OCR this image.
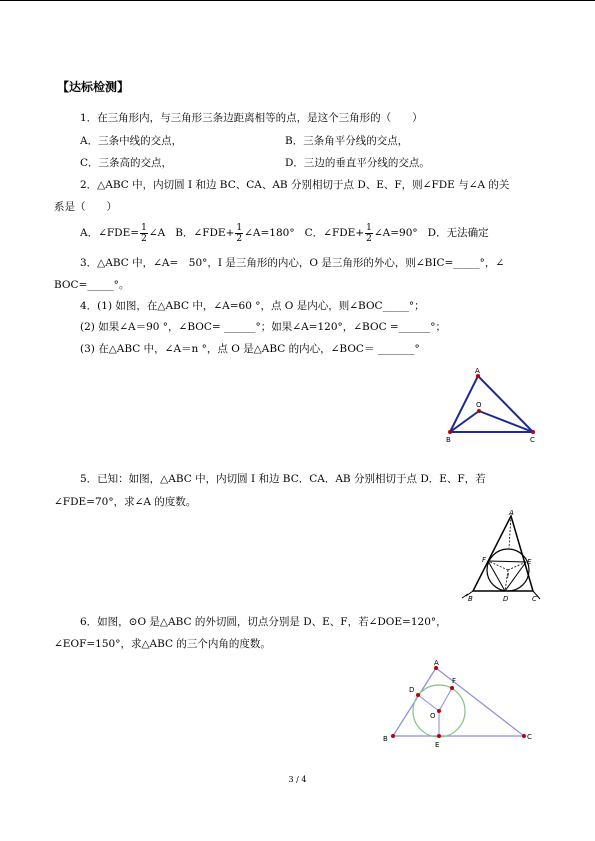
【达标检测】
1．在三角形内，与三角形三条边距离相等的点，是这个三角形的（　　）
A．三条中线的交点，	B．三条角平分线的交点，
C．三条高的交点，	D．三边的垂直平分线的交点。
2．△ABC 中，内切圆 I 和边 BC、CA、AB 分别相切于点 D、E、F，则∠FDE 与∠A 的关
系是（　　）
A．∠FDE= $\frac{1}{2}$ ∠A B．∠FDE+ $\frac{1}{2}$ ∠A=180° C．∠FDE+ $\frac{1}{2}$ ∠A=90° D．无法确定
3．△ABC 中，∠A=　50°，I 是三角形的内心，O 是三角形的外心，则∠BIC=_____°，∠
BOC=_____°。
4．(1) 如图，在△ABC 中，∠A=60 °，点 O 是内心，则∠BOC_____°；
(2) 如果∠A＝90 °，∠BOC= ______°；如果∠A=120°，∠BOC =______°；
(3) 在△ABC 中，∠A＝n °，点 O 是△ABC 的内心，∠BOC＝ _______°
A
B	C
O
5．已知：如图，△ABC 中，内切圆 I 和边 BC．CA．AB 分别相切于点 D．E、F，若
∠FDE=70°，求∠A 的度数。
A
B	C
D
E
F
I
6．如图，⊙O 是△ABC 的外切圆，切点分别是 D、E、F，若∠DOE=120°，
∠EOF=150°，求△ABC 的三个内角的度数。
A
B	C
D
E
F
O
3 / 4
